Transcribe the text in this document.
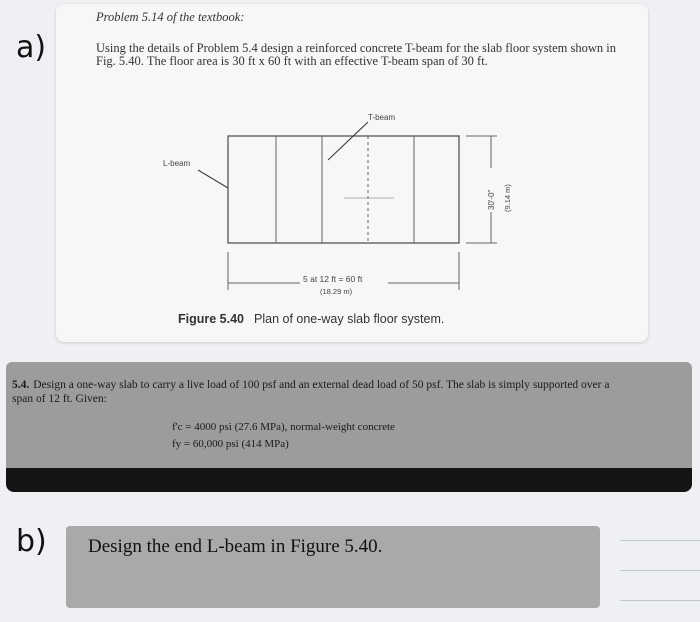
a)
Problem 5.14 of the textbook:
Using the details of Problem 5.4 design a reinforced concrete T-beam for the slab floor system shown in Fig. 5.40. The floor area is 30 ft x 60 ft with an effective T-beam span of 30 ft.
T-beam
L-beam
5 at 12 ft = 60 ft
(18.29 m)
30'-0" (9.14 m)
Figure 5.40 Plan of one-way slab floor system.
5.4. Design a one-way slab to carry a live load of 100 psf and an external dead load of 50 psf. The slab is simply supported over a span of 12 ft. Given:
f'c = 4000 psi (27.6 MPa), normal-weight concrete
fy = 60,000 psi (414 MPa)
b) Design the end L-beam in Figure 5.40.
